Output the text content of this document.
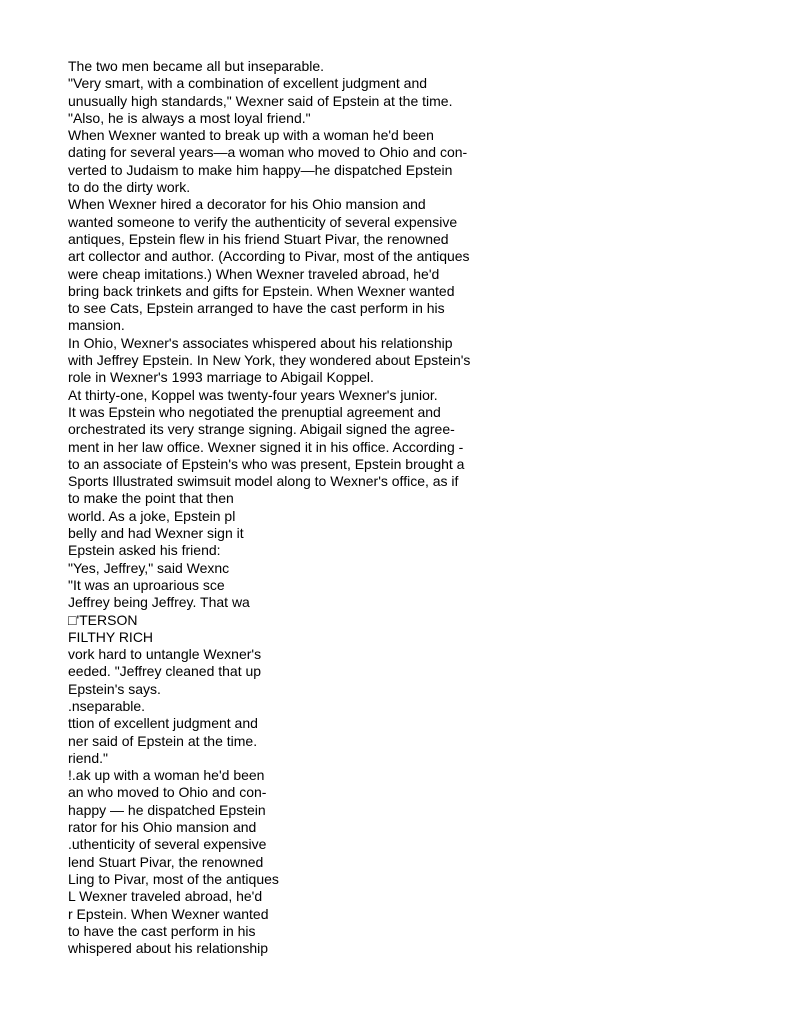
The two men became all but inseparable.
"Very smart, with a combination of excellent judgment and
unusually high standards," Wexner said of Epstein at the time.
"Also, he is always a most loyal friend."
When Wexner wanted to break up with a woman he'd been
dating for several years—a woman who moved to Ohio and con-
verted to Judaism to make him happy—he dispatched Epstein
to do the dirty work.
When Wexner hired a decorator for his Ohio mansion and
wanted someone to verify the authenticity of several expensive
antiques, Epstein flew in his friend Stuart Pivar, the renowned
art collector and author. (According to Pivar, most of the antiques
were cheap imitations.) When Wexner traveled abroad, he'd
bring back trinkets and gifts for Epstein. When Wexner wanted
to see Cats, Epstein arranged to have the cast perform in his
mansion.
In Ohio, Wexner's associates whispered about his relationship
with Jeffrey Epstein. In New York, they wondered about Epstein's
role in Wexner's 1993 marriage to Abigail Koppel.
At thirty-one, Koppel was twenty-four years Wexner's junior.
It was Epstein who negotiated the prenuptial agreement and
orchestrated its very strange signing. Abigail signed the agree-
ment in her law office. Wexner signed it in his office. According -
to an associate of Epstein's who was present, Epstein brought a
Sports Illustrated swimsuit model along to Wexner's office, as if
to make the point that then
world. As a joke, Epstein pl
belly and had Wexner sign it
Epstein asked his friend:
"Yes, Jeffrey," said Wexnc
"It was an uproarious sce
Jeffrey being Jeffrey. That wa
□'TERSON
FILTHY RICH
vork hard to untangle Wexner's
eeded. "Jeffrey cleaned that up
Epstein's says.
.nseparable.
ttion of excellent judgment and
ner said of Epstein at the time.
riend."
!.ak up with a woman he'd been
an who moved to Ohio and con-
happy — he dispatched Epstein
rator for his Ohio mansion and
.uthenticity of several expensive
lend Stuart Pivar, the renowned
Ling to Pivar, most of the antiques
L Wexner traveled abroad, he'd
r Epstein. When Wexner wanted
to have the cast perform in his
whispered about his relationship
